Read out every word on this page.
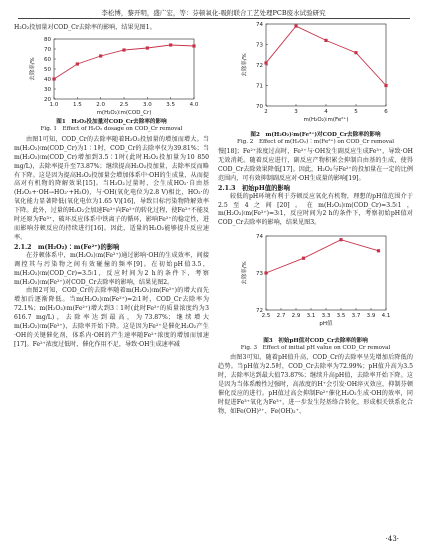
李松博，黎开明，盛广宏，等：芬顿氧化-吸附联合工艺处理PCB废水试验研究

H₂O₂投加量对COD_Cr去除率的影响，结果见图1。

1.0	1.5	2.0	2.5	3.0	3.5	4.0
20
30
40
50
60
70
80
去除率/%
m(H₂O₂)∶m(COD_Cr)
图1　H₂O₂投加量对COD_Cr去除率的影响
Fig. 1　Effect of H₂O₂ dosage on COD_Cr removal

由图1可知，COD_Cr的去除率随着H₂O₂投加量的增加而增大。当m(H₂O₂)∶m(COD_Cr)为1∶1时，COD_Cr的去除率仅为39.81%；当m(H₂O₂)∶m(COD_Cr)增加到3.5∶1时(此时H₂O₂投加量为10 850 mg/L)，去除率提升至73.87%；继续提高H₂O₂投加量，去除率反而略有下降。这是因为提高H₂O₂投加量会增加体系中·OH的生成量，从而提高对有机物的降解效果[15]。当H₂O₂过量时，会生成HO₂·自由基(H₂O₂+·OH→HO₂·+H₂O)，与·OH(氧化电位为2.8 V)相比，HO₂·的氧化能力显著降低(氧化电位为1.65 V)[16]，导致目标污染物降解效率下降。此外，过量的H₂O₂会加速Fe³⁺向Fe²⁺的转化过程，使Fe²⁺不能及时还原为Fe³⁺，破坏反应体系中铁离子的循环，影响Fe²⁺的稳定性，进而影响芬顿反应的持续进行[16]。因此，适量的H₂O₂能够提升反应速率。

2.1.2　m(H₂O₂)∶m(Fe²⁺)的影响

在芬顿体系中，m(H₂O₂)∶m(Fe²⁺)通过影响·OH的生成效率，间接调控其与污染物之间有效碰撞的频率[9]。在初始pH值3.5，m(H₂O₂)∶m(COD_Cr)=3.5∶1，反应时间为2 h的条件下，考察m(H₂O₂)∶m(Fe²⁺)对COD_Cr去除率的影响，结果见图2。

由图2可知，COD_Cr的去除率随着m(H₂O₂)∶m(Fe²⁺)的增大而先增加后逐渐降低。当m(H₂O₂)∶m(Fe²⁺)=2∶1时，COD_Cr去除率为72.1%；m(H₂O₂)∶m(Fe²⁺)增大到3∶1时(此时Fe²⁺的质量浓度约为3 616.7 mg/L)，去除率达到最高，为73.87%；继续增大m(H₂O₂)∶m(Fe²⁺)，去除率开始下降。这是因为Fe²⁺是催化H₂O₂产生·OH的关键催化剂，体系内·OH的产生速率随Fe²⁺浓度的增加而加速[17]。Fe²⁺浓度过低时，催化作用不足，导致·OH生成速率减

2	3	4	5	6
70
71
72
73
74
去除率/%
m(H₂O₂)∶m(Fe²⁺)
图2　m(H₂O₂)∶m(Fe²⁺)对COD_Cr去除率的影响
Fig. 2　Effect of m(H₂O₂)∶m(Fe²⁺) on COD_Cr removal

慢[18]；Fe²⁺浓度过高时，Fe²⁺与·OH发生副反应生成Fe³⁺，导致·OH无效消耗。随着反应进行，副反应产物积累会抑制自由基的生成，使得COD_Cr去除效果降低[17]。因此，H₂O₂与Fe²⁺的投加量在一定的比例范围内，可有效抑制副反应对·OH生成量的影响[19]。

2.1.3　初始pH值的影响

较低的pH环境有利于芬顿反应氧化有机物，理想的pH值范围介于2.5至4之间[20]。在m(H₂O₂)∶m(COD_Cr)=3.5∶1，m(H₂O₂)∶m(Fe²⁺)=3∶1，反应时间为2 h的条件下，考察初始pH值对COD_Cr去除率的影响，结果见图3。

2.5 2.7 2.9 3.1 3.3 3.5 3.7 3.9 4.1
72
73
74
去除率/%
pH值
图3　初始pH值对COD_Cr去除率的影响
Fig. 3　Effect of initial pH value on COD_Cr removal

由图3可知，随着pH值升高，COD_Cr的去除率呈先增加后降低的趋势。当pH值为2.5时，COD_Cr去除率为72.99%；pH值升高为3.5时，去除率达到最大值73.87%；继续升高pH值，去除率开始下降。这是因为当体系酸性过强时，高浓度的H⁺会引发·OH淬灭效应，抑制芬顿催化反应的进行。pH值过高会抑制Fe²⁺催化H₂O₂生成·OH的效率，同时促进Fe³⁺氧化为Fe³⁺，进一步发生羟基络合转化，形成相关铁系化合物，如Fe(OH)²⁺、Fe(OH)₂⁺、

·43·
